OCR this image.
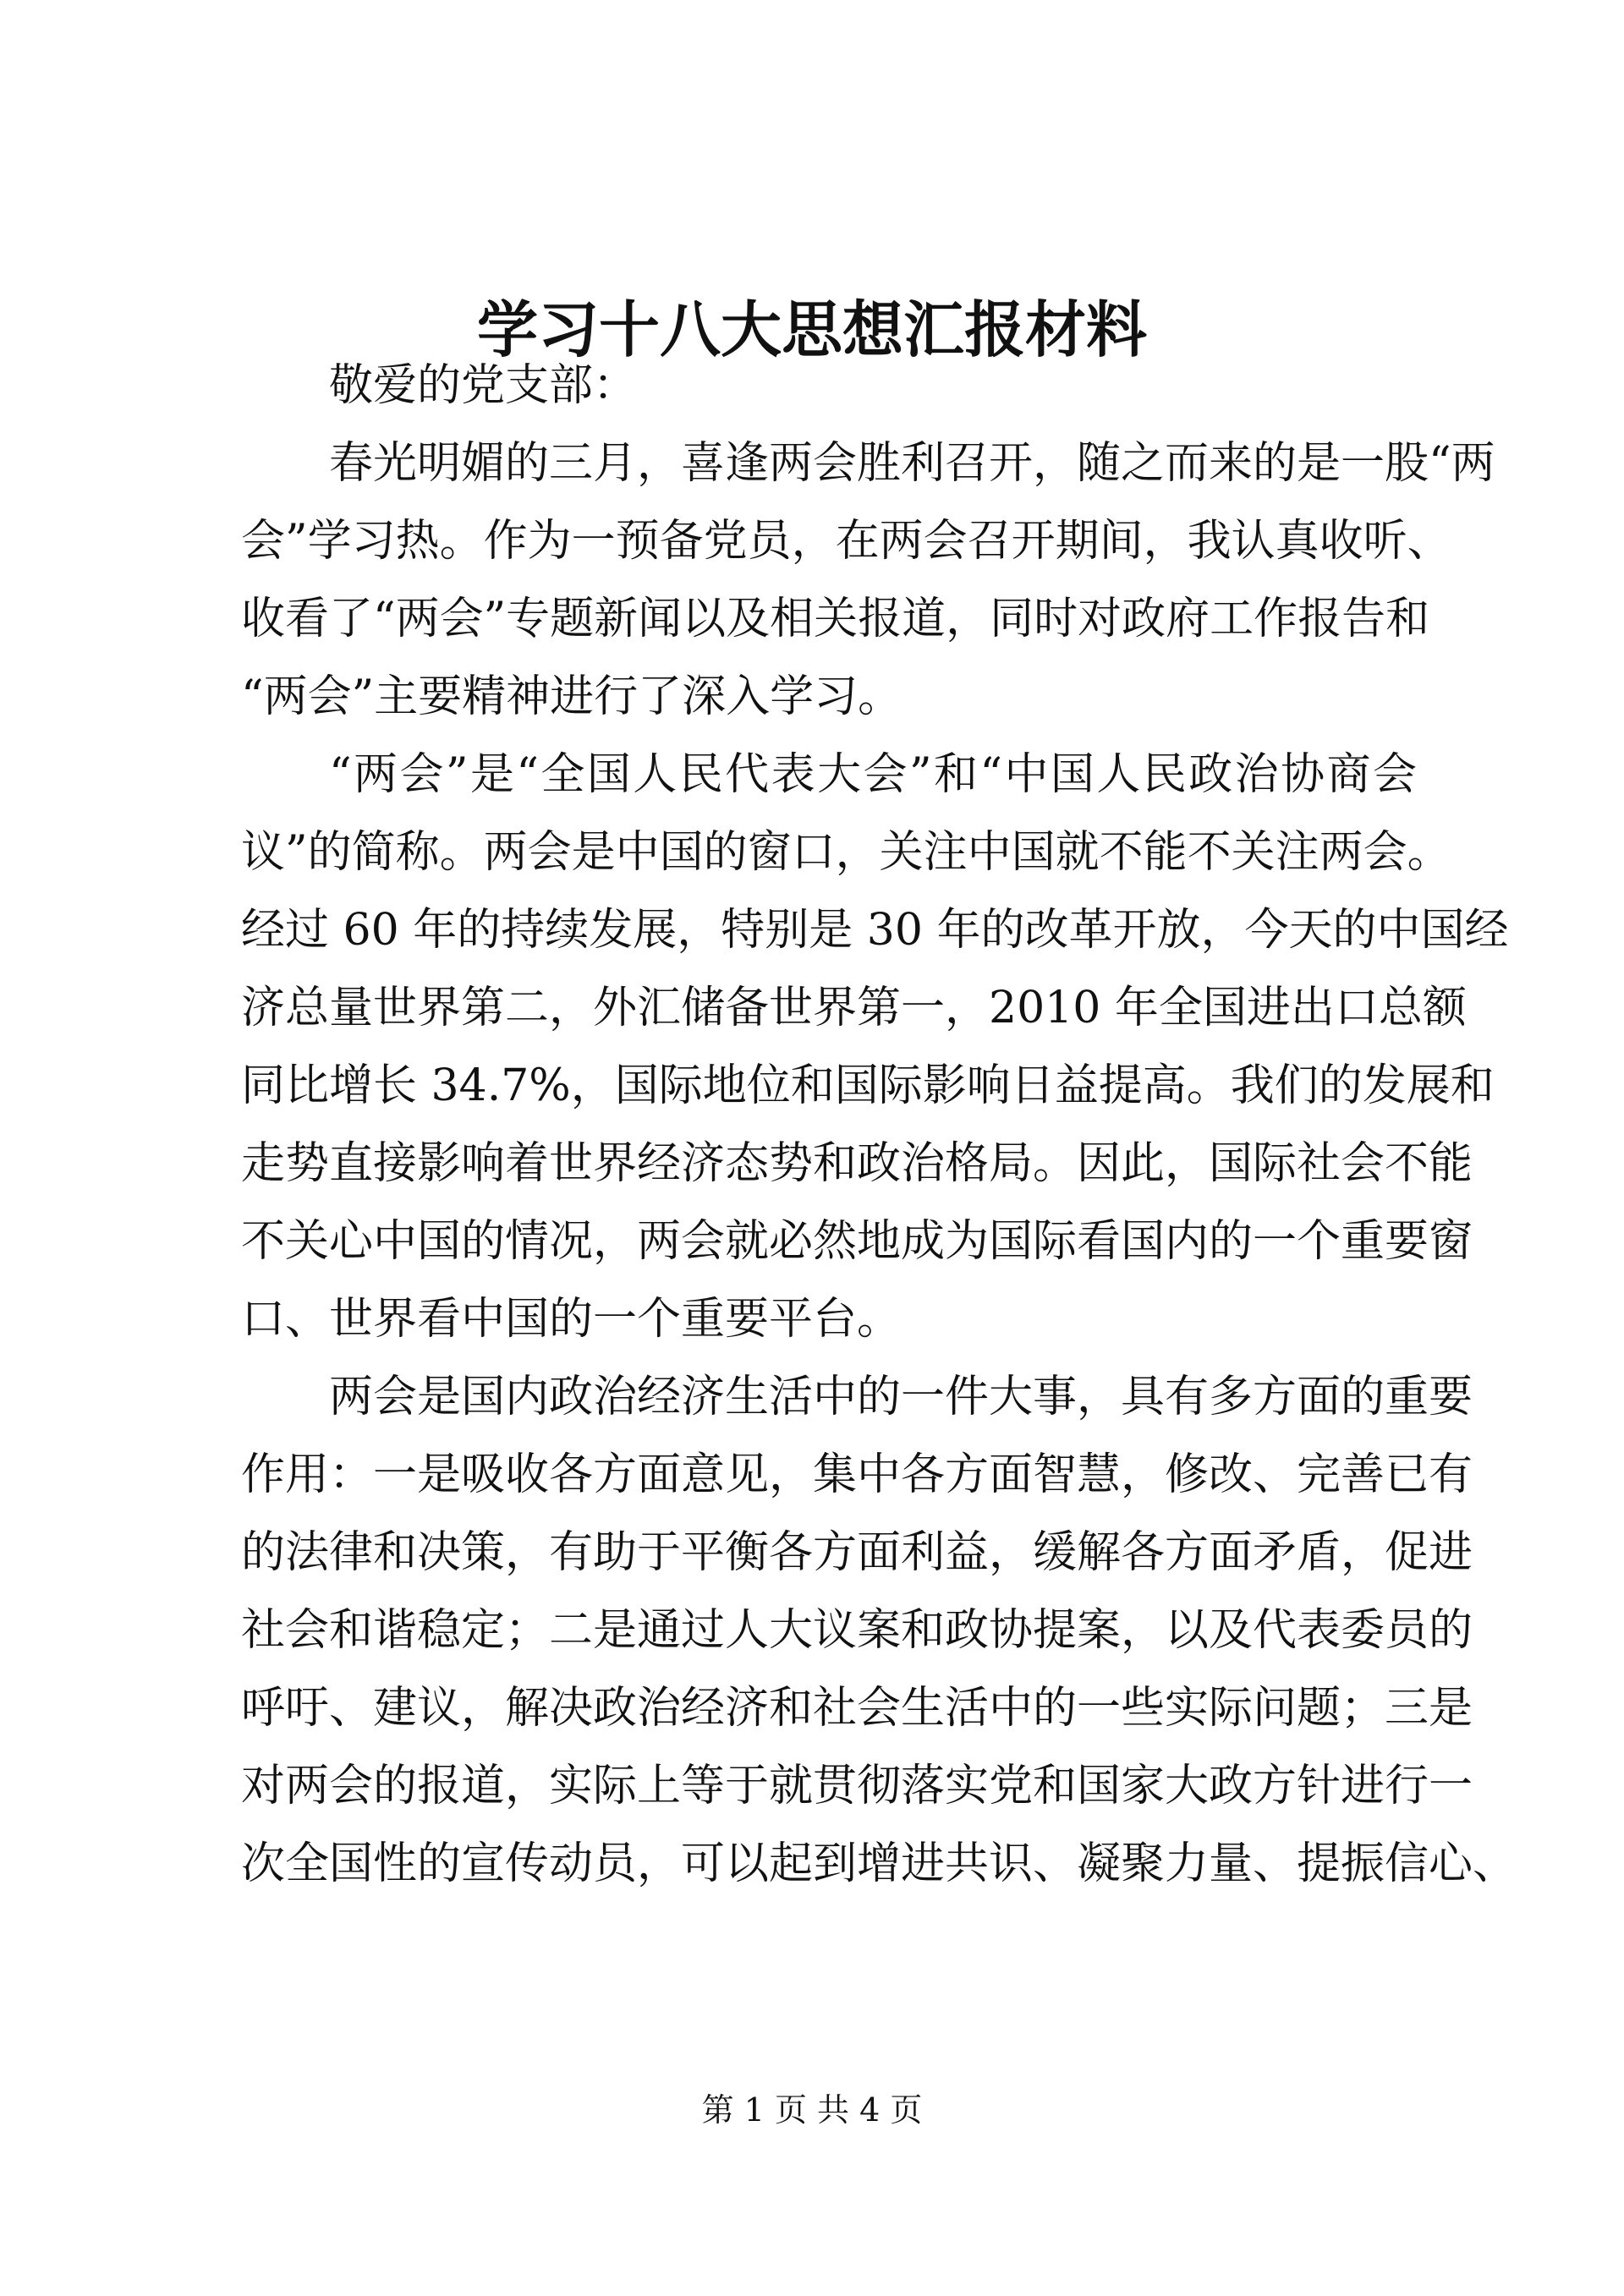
学习十八大思想汇报材料
敬爱的党支部：
春光明媚的三月，喜逢两会胜利召开，随之而来的是一股“两
会”学习热。作为一预备党员，在两会召开期间，我认真收听、
收看了“两会”专题新闻以及相关报道，同时对政府工作报告和
“两会”主要精神进行了深入学习。
“两会”是“全国人民代表大会”和“中国人民政治协商会
议”的简称。两会是中国的窗口，关注中国就不能不关注两会。
经过 60 年的持续发展，特别是 30 年的改革开放，今天的中国经
济总量世界第二，外汇储备世界第一，2010 年全国进出口总额
同比增长 34.7%，国际地位和国际影响日益提高。我们的发展和
走势直接影响着世界经济态势和政治格局。因此，国际社会不能
不关心中国的情况，两会就必然地成为国际看国内的一个重要窗
口、世界看中国的一个重要平台。
两会是国内政治经济生活中的一件大事，具有多方面的重要
作用：一是吸收各方面意见，集中各方面智慧，修改、完善已有
的法律和决策，有助于平衡各方面利益，缓解各方面矛盾，促进
社会和谐稳定；二是通过人大议案和政协提案，以及代表委员的
呼吁、建议，解决政治经济和社会生活中的一些实际问题；三是
对两会的报道，实际上等于就贯彻落实党和国家大政方针进行一
次全国性的宣传动员，可以起到增进共识、凝聚力量、提振信心、
第 1 页 共 4 页
